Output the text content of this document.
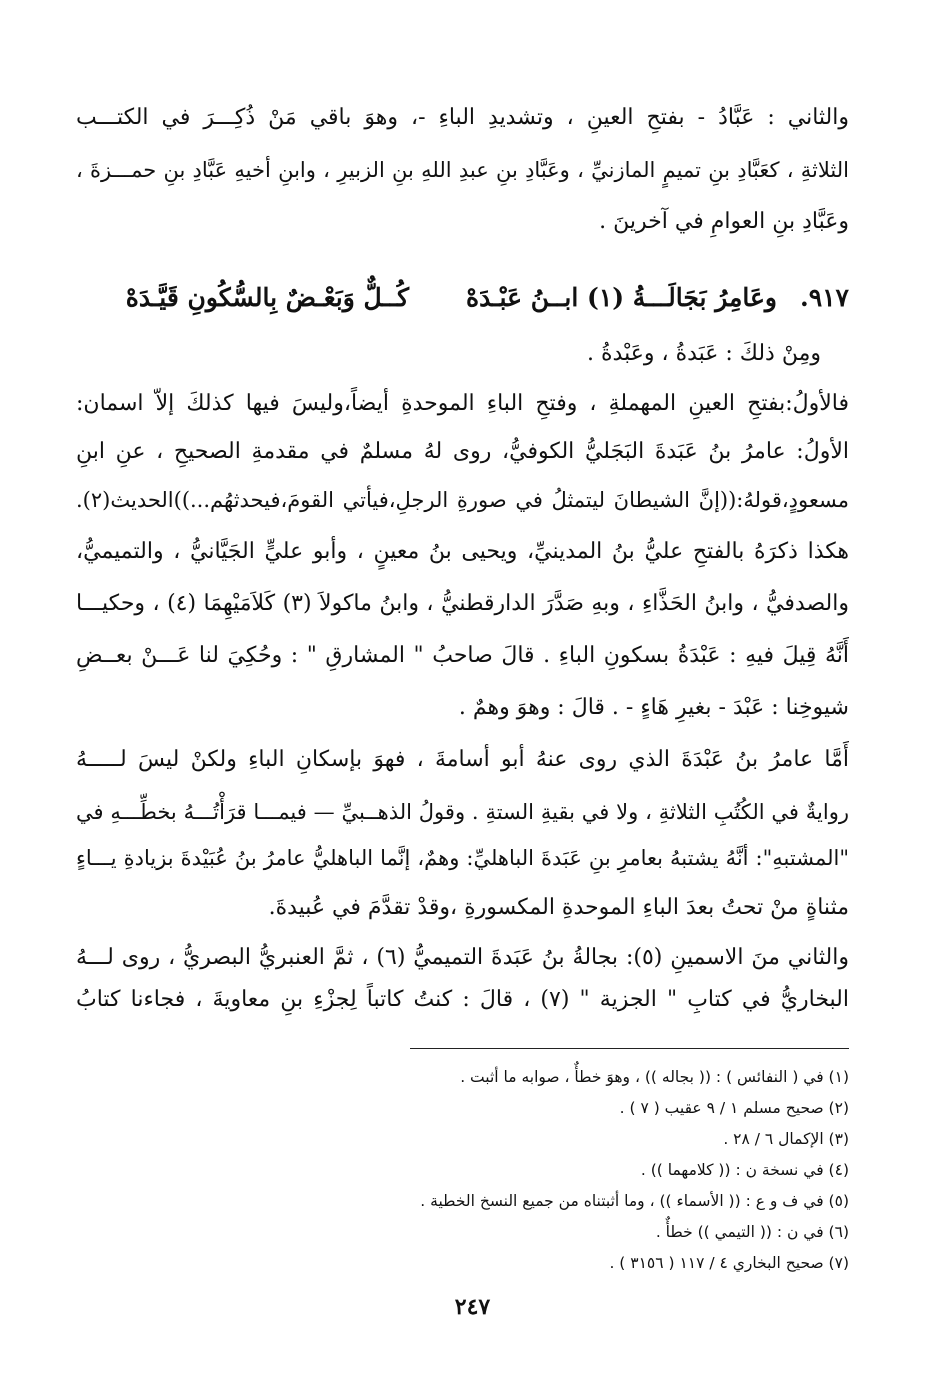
والثاني : عَبَّادُ - بفتحِ العينِ ، وتشديدِ الباءِ -، وهوَ باقي مَنْ ذُكِـــرَ في الكتـــب
الثلاثةِ ، كعَبَّادِ بنِ تميمٍ المازنيِّ ، وعَبَّادِ بنِ عبدِ اللهِ بنِ الزبيرِ ، وابنِ أخيهِ عَبَّادِ بنِ حمـــزةَ ،
وعَبَّادِ بنِ العوامِ في آخرينَ .
٩١٧.
وعَامِرُ بَجَالَـــةُ (١) ابــنُ عَبْـدَهْ
كُــلٌّ وَبَعْـضٌ بِالسُّكُونِ قَيَّـدَهْ
ومِنْ ذلكَ : عَبَدةُ ، وعَبْدةُ .
فالأولُ:بفتحِ العينِ المهملةِ ، وفتحِ الباءِ الموحدةِ أيضاً،وليسَ فيها كذلكَ إلاّ اسمان:
الأولُ: عامرُ بنُ عَبَدةَ البَجَليُّ الكوفيُّ، روى لهُ مسلمٌ في مقدمةِ الصحيحِ ، عنِ ابنِ
مسعودٍ،قولهُ:((إنَّ الشيطانَ ليتمثلُ في صورةِ الرجلِ،فيأتي القومَ،فيحدثهُم...))الحديث(٢).
هكذا ذكرَهُ بالفتحِ عليُّ بنُ المدينيِّ، ويحيى بنُ معينٍ ، وأبو عليٍّ الجَيَّانيُّ ، والتميميُّ،
والصدفيُّ ، وابنُ الحَذَّاءِ ، وبهِ صَدَّرَ الدارقطنيُّ ، وابنُ ماكولاَ (٣) كَلاَمَيْهِمَا (٤) ، وحكيـــا
أَنَّهُ قِيلَ فيهِ : عَبْدَةُ بسكونِ الباءِ . قالَ صاحبُ " المشارقِ " : وحُكِيَ لنا عَـــنْ بعــضِ
شيوخِنا : عَبْدَ - بغيرِ هَاءٍ - . قالَ : وهوَ وهمٌ .
أَمَّا عامرُ بنُ عَبْدَةَ الذي روى عنهُ أبو أسامةَ ، فهوَ بإسكانِ الباءِ ولكنْ ليسَ لـــــهُ
روايةٌ في الكُتُبِ الثلاثةِ ، ولا في بقيةِ الستةِ . وقولُ الذهــبيِّ — فيمـــا قرَأْتُـــهُ بخطِّـــهِ في
"المشتبهِ": أنَّهُ يشتبهُ بعامرِ بنِ عَبَدةَ الباهليِّ: وهمٌ، إنَّما الباهليُّ عامرُ بنُ عُبَيْدةَ بزيادةِ يـــاءٍ
مثناةٍ منْ تحتُ بعدَ الباءِ الموحدةِ المكسورةِ ،وقدْ تقدَّمَ في عُبيدةَ.
والثاني منَ الاسمينِ (٥): بجالةُ بنُ عَبَدةَ التميميُّ (٦) ، ثمَّ العنبريُّ البصريُّ ، روى لـــهُ
البخاريُّ في كتابِ " الجزية " (٧) ، قالَ : كنتُ كاتباً لِجزْءِ بنِ معاويةَ ، فجاءنا كتابُ
(١) في ( النفائس ) : (( بجاله )) ، وهوَ خطأٌ ، صوابه ما أثبت .
(٢) صحيح مسلم ١ / ٩ عقيب ( ٧ ) .
(٣) الإكمال ٦ / ٢٨ .
(٤) في نسخة ن : (( كلامهما )) .
(٥) في ف و ع : (( الأسماء )) ، وما أثبتناه من جميع النسخ الخطية .
(٦) في ن : (( التيمي )) خطأٌ .
(٧) صحيح البخاري ٤ / ١١٧ ( ٣١٥٦ ) .
٢٤٧
